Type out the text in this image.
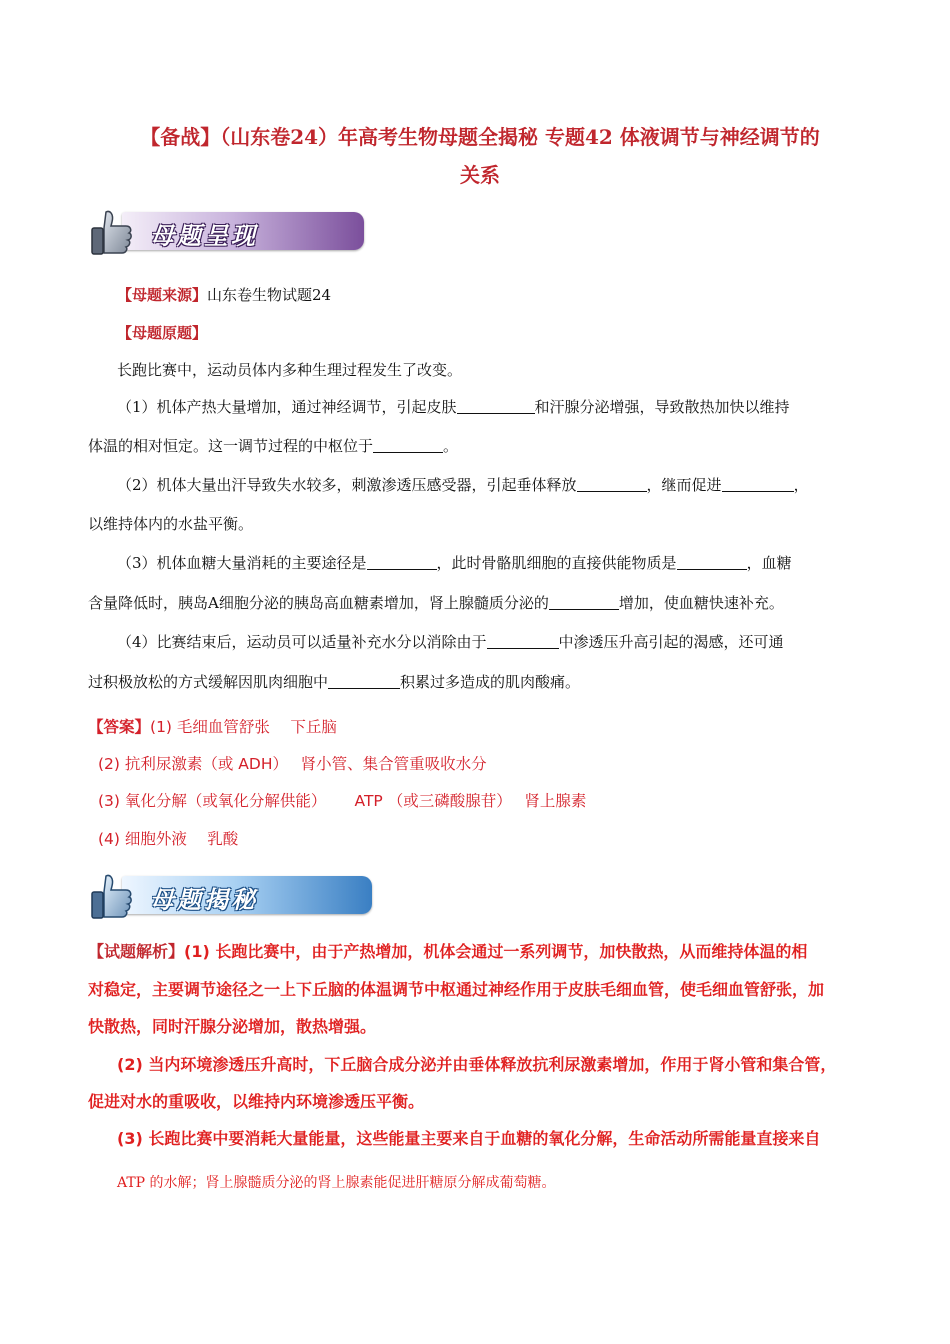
【备战】（山东卷24）年高考生物母题全揭秘 专题42 体液调节与神经调节的
关系
母题呈现
【母题来源】山东卷生物试题24
【母题原题】
长跑比赛中，运动员体内多种生理过程发生了改变。
（1）机体产热大量增加，通过神经调节，引起皮肤	和汗腺分泌增强，导致散热加快以维持
体温的相对恒定。这一调节过程的中枢位于	。
（2）机体大量出汗导致失水较多，刺激渗透压感受器，引起垂体释放	，继而促进	，
以维持体内的水盐平衡。
（3）机体血糖大量消耗的主要途径是	，此时骨骼肌细胞的直接供能物质是	，血糖
含量降低时，胰岛A细胞分泌的胰岛高血糖素增加，肾上腺髓质分泌的	增加，使血糖快速补充。
（4）比赛结束后，运动员可以适量补充水分以消除由于	中渗透压升高引起的渴感，还可通
过积极放松的方式缓解因肌肉细胞中	积累过多造成的肌肉酸痛。
【答案】(1) 毛细血管舒张　 下丘脑
(2) 抗利尿激素（或 ADH）　 肾小管、集合管重吸收水分
(3) 氧化分解（或氧化分解供能）　　 ATP （或三磷酸腺苷）　 肾上腺素
(4) 细胞外液　 乳酸
母题揭秘
【试题解析】(1) 长跑比赛中，由于产热增加，机体会通过一系列调节，加快散热，从而维持体温的相
对稳定，主要调节途径之一上下丘脑的体温调节中枢通过神经作用于皮肤毛细血管，使毛细血管舒张，加
快散热，同时汗腺分泌增加，散热增强。
(2) 当内环境渗透压升高时，下丘脑合成分泌并由垂体释放抗利尿激素增加，作用于肾小管和集合管，
促进对水的重吸收，以维持内环境渗透压平衡。
(3) 长跑比赛中要消耗大量能量，这些能量主要来自于血糖的氧化分解，生命活动所需能量直接来自
ATP 的水解；肾上腺髓质分泌的肾上腺素能促进肝糖原分解成葡萄糖。
